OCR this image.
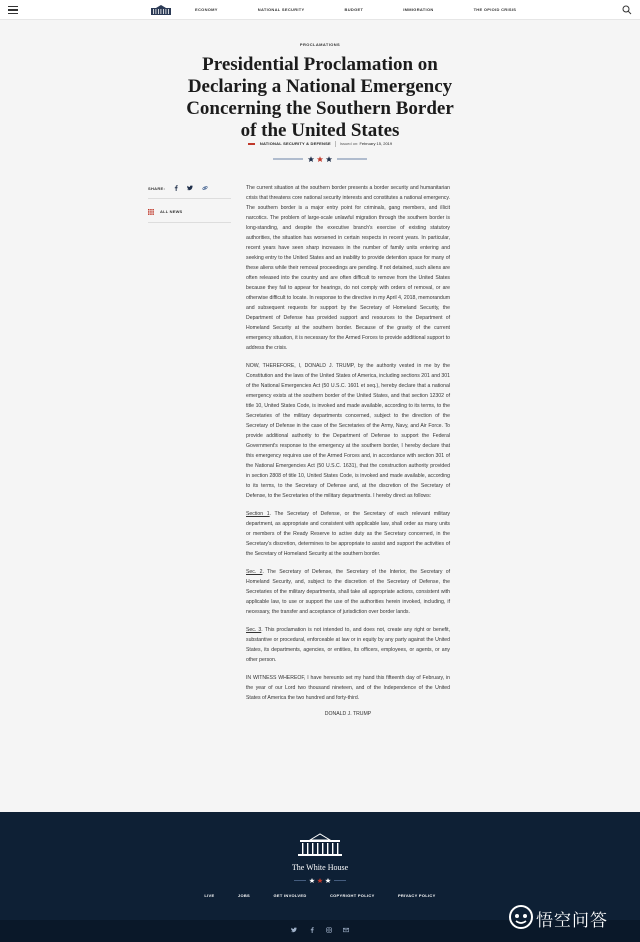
ECONOMY	NATIONAL SECURITY	BUDGET	IMMIGRATION	THE OPIOID CRISIS
PROCLAMATIONS
Presidential Proclamation on Declaring a National Emergency Concerning the Southern Border of the United States
NATIONAL SECURITY & DEFENSE Issued on: February 15, 2019
SHARE:
ALL NEWS

The current situation at the southern border presents a border security and humanitarian crisis that threatens core national security interests and constitutes a national emergency. The southern border is a major entry point for criminals, gang members, and illicit narcotics. The problem of large-scale unlawful migration through the southern border is long-standing, and despite the executive branch's exercise of existing statutory authorities, the situation has worsened in certain respects in recent years. In particular, recent years have seen sharp increases in the number of family units entering and seeking entry to the United States and an inability to provide detention space for many of these aliens while their removal proceedings are pending. If not detained, such aliens are often released into the country and are often difficult to remove from the United States because they fail to appear for hearings, do not comply with orders of removal, or are otherwise difficult to locate. In response to the directive in my April 4, 2018, memorandum and subsequent requests for support by the Secretary of Homeland Security, the Department of Defense has provided support and resources to the Department of Homeland Security at the southern border. Because of the gravity of the current emergency situation, it is necessary for the Armed Forces to provide additional support to address the crisis.

NOW, THEREFORE, I, DONALD J. TRUMP, by the authority vested in me by the Constitution and the laws of the United States of America, including sections 201 and 301 of the National Emergencies Act (50 U.S.C. 1601 et seq.), hereby declare that a national emergency exists at the southern border of the United States, and that section 12302 of title 10, United States Code, is invoked and made available, according to its terms, to the Secretaries of the military departments concerned, subject to the direction of the Secretary of Defense in the case of the Secretaries of the Army, Navy, and Air Force. To provide additional authority to the Department of Defense to support the Federal Government's response to the emergency at the southern border, I hereby declare that this emergency requires use of the Armed Forces and, in accordance with section 301 of the National Emergencies Act (50 U.S.C. 1631), that the construction authority provided in section 2808 of title 10, United States Code, is invoked and made available, according to its terms, to the Secretary of Defense and, at the discretion of the Secretary of Defense, to the Secretaries of the military departments. I hereby direct as follows:

Section 1. The Secretary of Defense, or the Secretary of each relevant military department, as appropriate and consistent with applicable law, shall order as many units or members of the Ready Reserve to active duty as the Secretary concerned, in the Secretary's discretion, determines to be appropriate to assist and support the activities of the Secretary of Homeland Security at the southern border.

Sec. 2. The Secretary of Defense, the Secretary of the Interior, the Secretary of Homeland Security, and, subject to the discretion of the Secretary of Defense, the Secretaries of the military departments, shall take all appropriate actions, consistent with applicable law, to use or support the use of the authorities herein invoked, including, if necessary, the transfer and acceptance of jurisdiction over border lands.

Sec. 3. This proclamation is not intended to, and does not, create any right or benefit, substantive or procedural, enforceable at law or in equity by any party against the United States, its departments, agencies, or entities, its officers, employees, or agents, or any other person.

IN WITNESS WHEREOF, I have hereunto set my hand this fifteenth day of February, in the year of our Lord two thousand nineteen, and of the Independence of the United States of America the two hundred and forty-third.

DONALD J. TRUMP

The White House
LIVE	JOBS	GET INVOLVED	COPYRIGHT POLICY	PRIVACY POLICY
悟空问答
